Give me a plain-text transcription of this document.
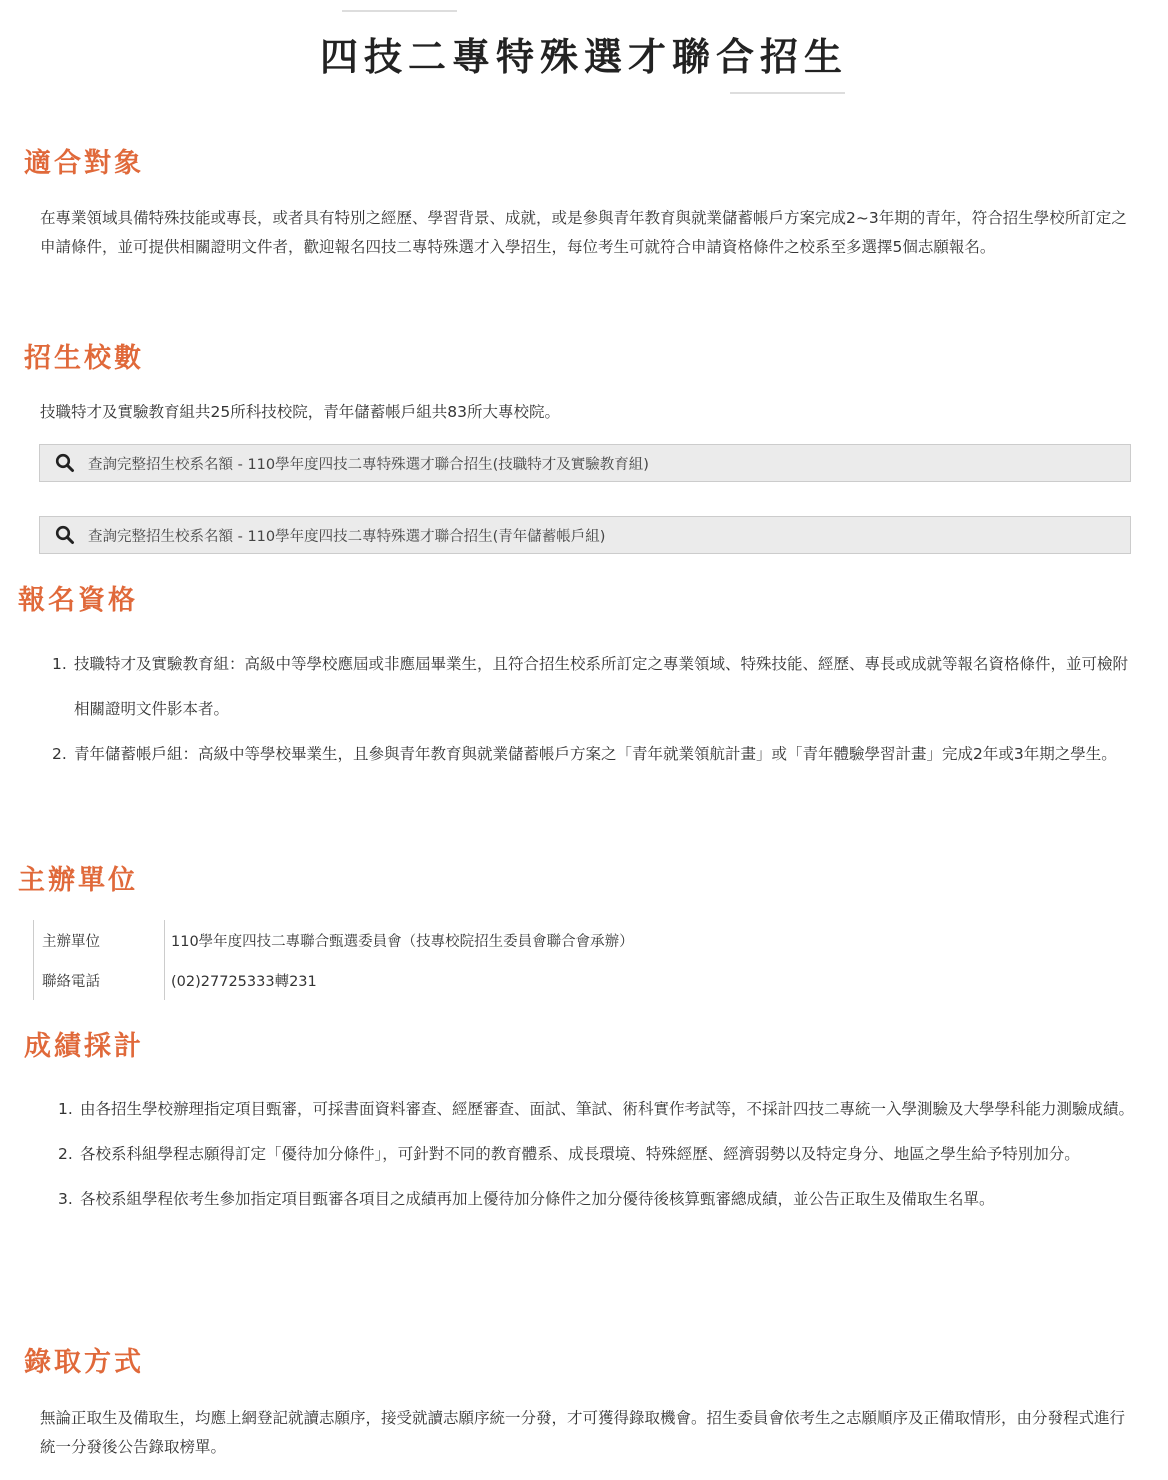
四技二專特殊選才聯合招生
適合對象

在專業領域具備特殊技能或專長，或者具有特別之經歷、學習背景、成就，或是參與青年教育與就業儲蓄帳戶方案完成2~3年期的青年，符合招生學校所訂定之申請條件，並可提供相關證明文件者，歡迎報名四技二專特殊選才入學招生，每位考生可就符合申請資格條件之校系至多選擇5個志願報名。

招生校數

技職特才及實驗教育組共25所科技校院，青年儲蓄帳戶組共83所大專校院。

查詢完整招生校系名額 - 110學年度四技二專特殊選才聯合招生(技職特才及實驗教育組)
查詢完整招生校系名額 - 110學年度四技二專特殊選才聯合招生(青年儲蓄帳戶組)
報名資格
1. 技職特才及實驗教育組：高級中等學校應屆或非應屆畢業生，且符合招生校系所訂定之專業領域、特殊技能、經歷、專長或成就等報名資格條件，並可檢附相關證明文件影本者。
2. 青年儲蓄帳戶組：高級中等學校畢業生，且參與青年教育與就業儲蓄帳戶方案之「青年就業領航計畫」或「青年體驗學習計畫」完成2年或3年期之學生。
主辦單位
主辦單位	110學年度四技二專聯合甄選委員會（技專校院招生委員會聯合會承辦）
聯絡電話	(02)27725333轉231
成績採計
1. 由各招生學校辦理指定項目甄審，可採書面資料審查、經歷審查、面試、筆試、術科實作考試等，不採計四技二專統一入學測驗及大學學科能力測驗成績。
2. 各校系科組學程志願得訂定「優待加分條件」，可針對不同的教育體系、成長環境、特殊經歷、經濟弱勢以及特定身分、地區之學生給予特別加分。
3. 各校系組學程依考生參加指定項目甄審各項目之成績再加上優待加分條件之加分優待後核算甄審總成績，並公告正取生及備取生名單。
錄取方式

無論正取生及備取生，均應上網登記就讀志願序，接受就讀志願序統一分發，才可獲得錄取機會。招生委員會依考生之志願順序及正備取情形，由分發程式進行統一分發後公告錄取榜單。
